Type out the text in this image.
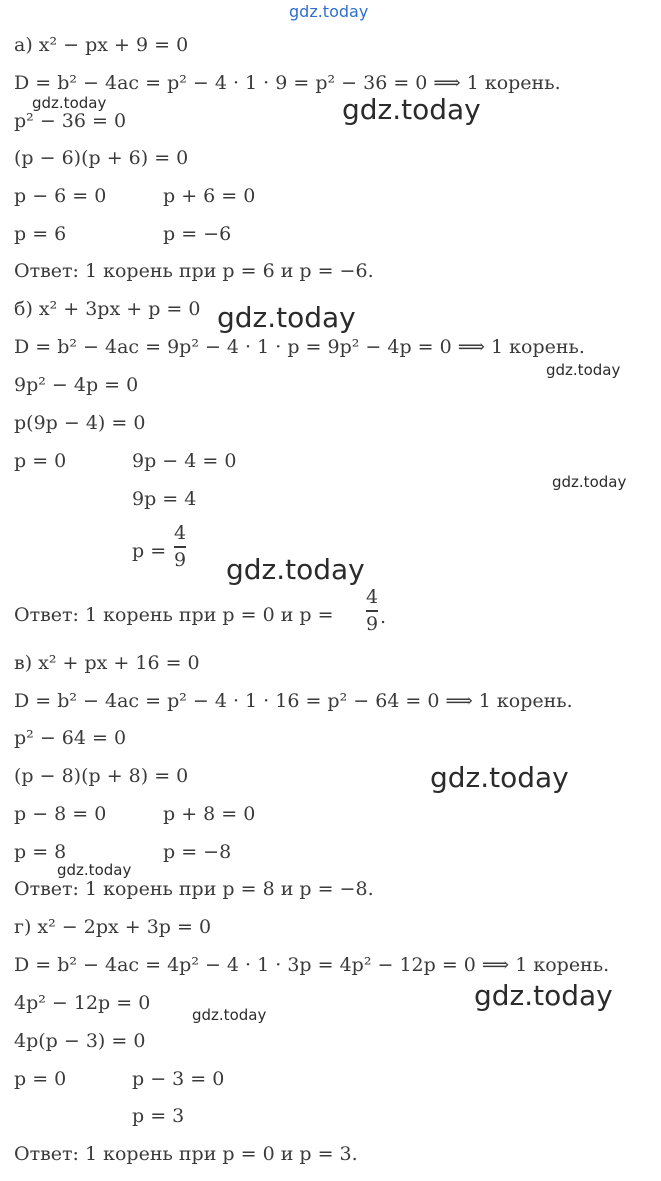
gdz.today
gdz.today	gdz.today
gdz.today
gdz.today
gdz.today
gdz.today
gdz.today
gdz.today
gdz.today
gdz.today
а) x² − px + 9 = 0
D = b² − 4ac = p² − 4 · 1 · 9 = p² − 36 = 0 ⟹ 1 корень.
p² − 36 = 0
(p − 6)(p + 6) = 0
p − 6 = 0	p + 6 = 0
p = 6	p = −6
Ответ: 1 корень при p = 6 и p = −6.
б) x² + 3px + p = 0
D = b² − 4ac = 9p² − 4 · 1 · p = 9p² − 4p = 0 ⟹ 1 корень.
9p² − 4p = 0
p(9p − 4) = 0
p = 0	9p − 4 = 0
9p = 4
p =
4
9
Ответ: 1 корень при p = 0 и p =
4
9 .
в) x² + px + 16 = 0
D = b² − 4ac = p² − 4 · 1 · 16 = p² − 64 = 0 ⟹ 1 корень.
p² − 64 = 0
(p − 8)(p + 8) = 0
p − 8 = 0	p + 8 = 0
p = 8	p = −8
Ответ: 1 корень при p = 8 и p = −8.
г) x² − 2px + 3p = 0
D = b² − 4ac = 4p² − 4 · 1 · 3p = 4p² − 12p = 0 ⟹ 1 корень.
4p² − 12p = 0
4p(p − 3) = 0
p = 0	p − 3 = 0
p = 3
Ответ: 1 корень при p = 0 и p = 3.
